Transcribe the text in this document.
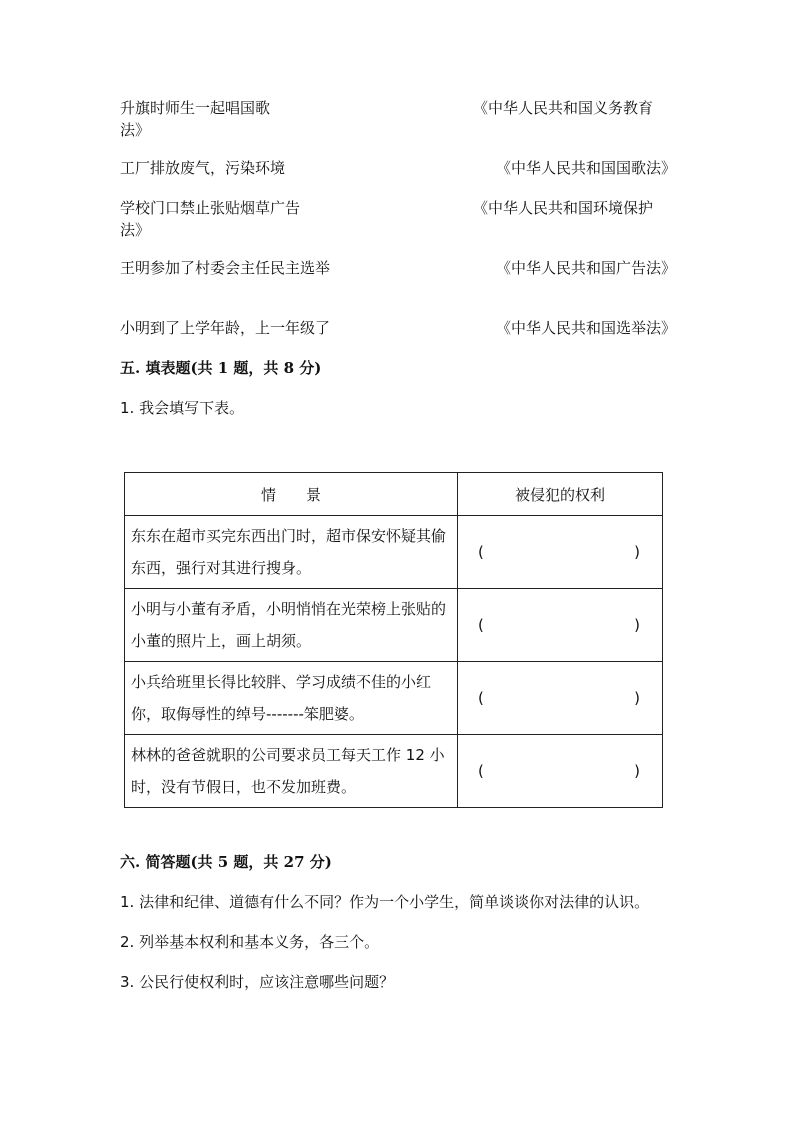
升旗时师生一起唱国歌	《中华人民共和国义务教育
法》
工厂排放废气，污染环境	《中华人民共和国国歌法》
学校门口禁止张贴烟草广告	《中华人民共和国环境保护
法》
王明参加了村委会主任民主选举	《中华人民共和国广告法》
小明到了上学年龄，上一年级了	《中华人民共和国选举法》
五. 填表题(共 1 题，共 8 分)
1. 我会填写下表。
情　　景	被侵犯的权利

东东在超市买完东西出门时，超市保安怀疑其偷东西，强行对其进行搜身。	( )

小明与小董有矛盾，小明悄悄在光荣榜上张贴的小董的照片上，画上胡须。	( )

小兵给班里长得比较胖、学习成绩不佳的小红你，取侮辱性的绰号-------笨肥婆。	( )

林林的爸爸就职的公司要求员工每天工作 12 小时，没有节假日，也不发加班费。	( )
六. 简答题(共 5 题，共 27 分)
1. 法律和纪律、道德有什么不同？作为一个小学生，简单谈谈你对法律的认识。
2. 列举基本权利和基本义务，各三个。
3. 公民行使权利时，应该注意哪些问题？
